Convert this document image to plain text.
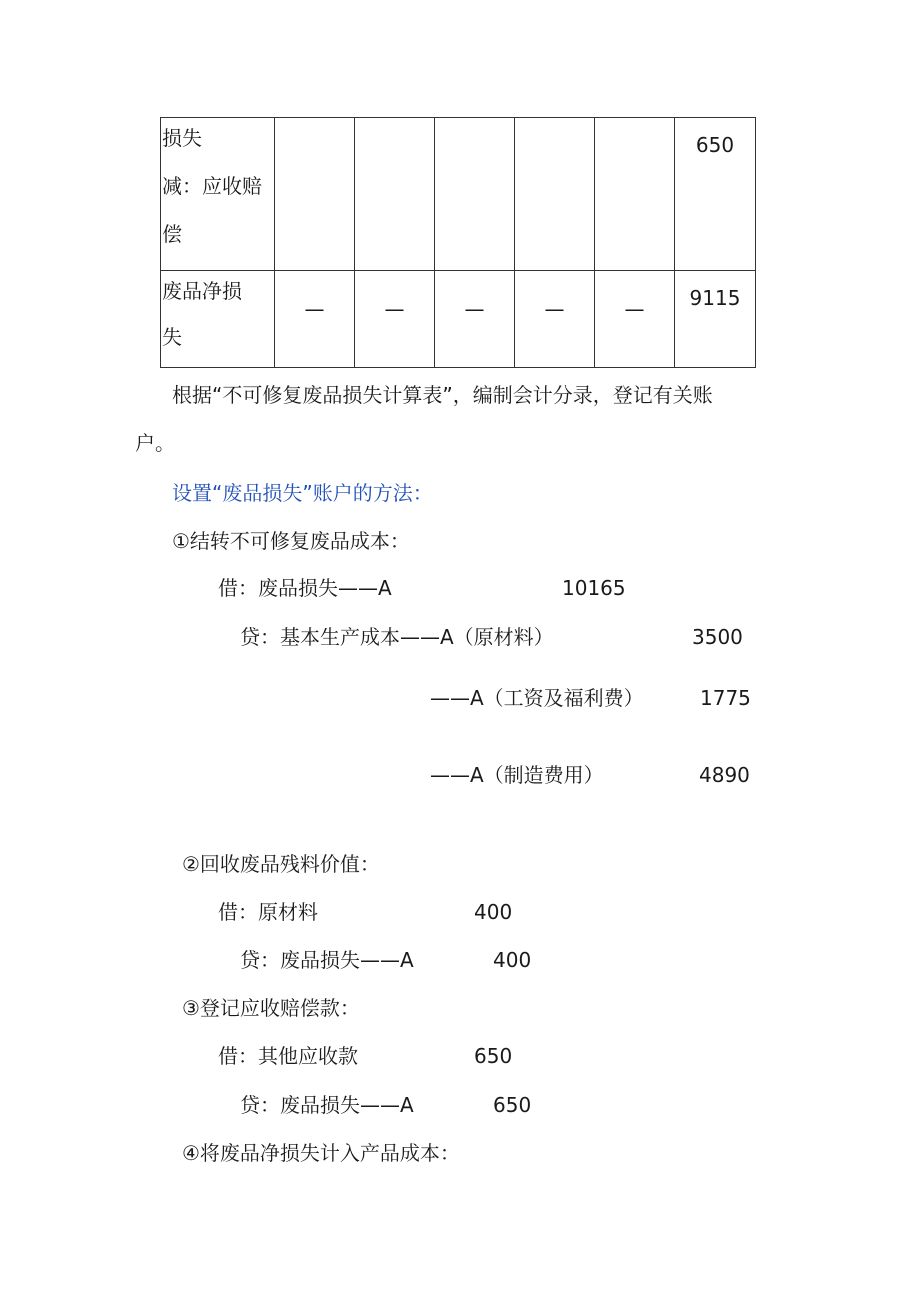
损失
减：应收赔
偿						650

废品净损
失	—	—	—	—	—	9115
根据“不可修复废品损失计算表”，编制会计分录，登记有关账
户。
设置“废品损失”账户的方法：
①结转不可修复废品成本：
借：废品损失——A	10165
贷：基本生产成本——A（原材料）	3500
——A（工资及福利费）	1775
——A（制造费用）	4890
②回收废品残料价值：
借：原材料	400
贷：废品损失——A	400
③登记应收赔偿款：
借：其他应收款	650
贷：废品损失——A	650
④将废品净损失计入产品成本：
